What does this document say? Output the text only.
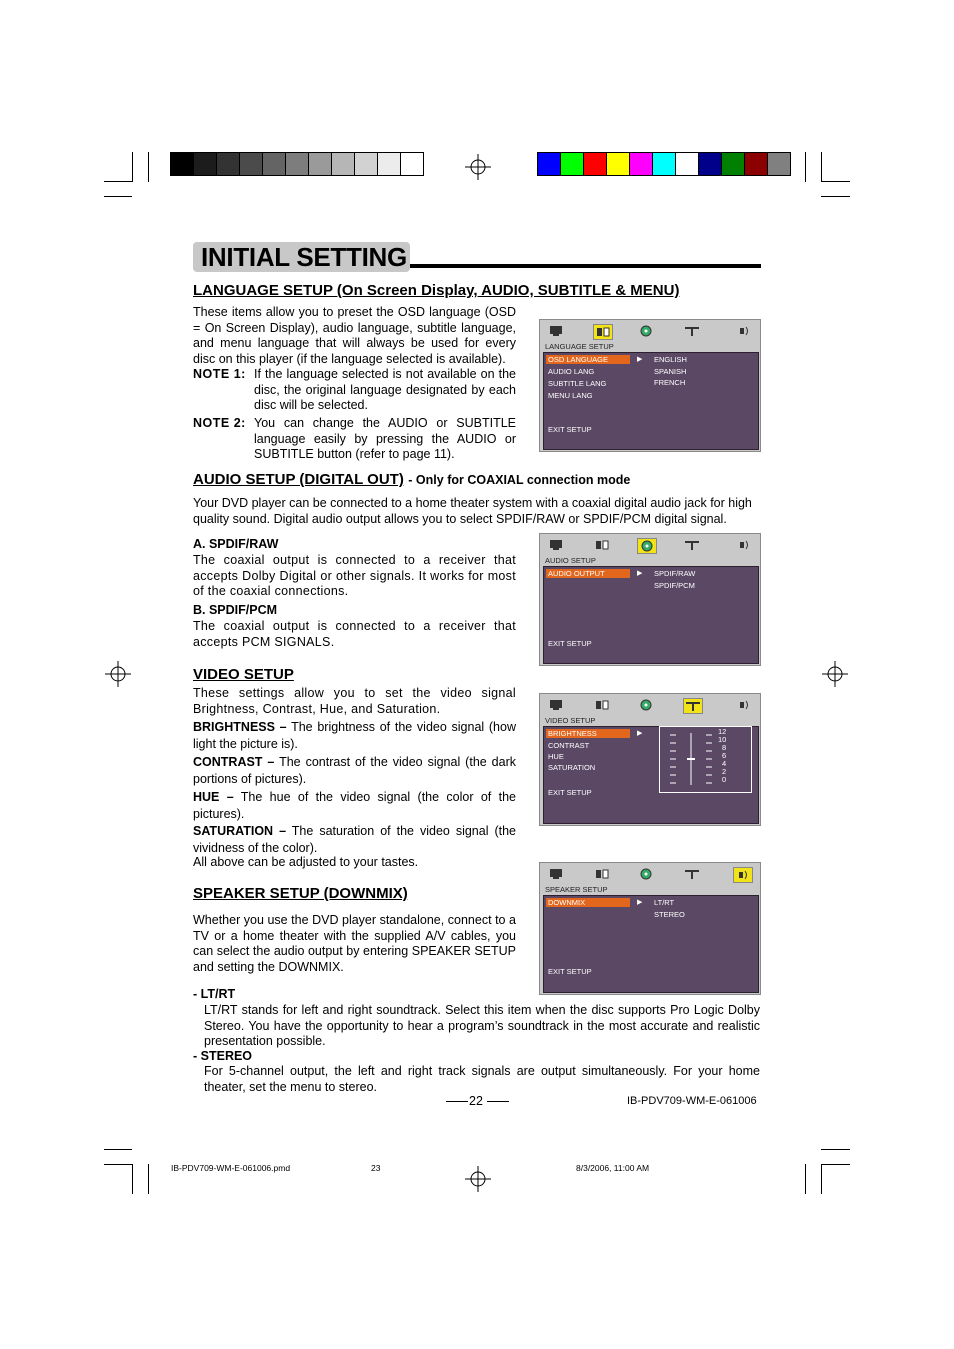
INITIAL SETTING
LANGUAGE SETUP (On Screen Display, AUDIO, SUBTITLE & MENU)

These items allow you to preset the OSD language (OSD = On Screen Display), audio language, subtitle language, and menu language that will always be used for every disc on this player (if the language selected is available).

NOTE 1: If the language selected is not available on the disc, the original language designated by each disc will be selected.

NOTE 2: You can change the AUDIO or SUBTITLE language easily by pressing the AUDIO or SUBTITLE button (refer to page 11).

LANGUAGE SETUP
OSD LANGUAGE	▶
AUDIO LANG
SUBTITLE LANG
MENU LANG
ENGLISH
SPANISH
FRENCH
EXIT SETUP
AUDIO SETUP (DIGITAL OUT) - Only for COAXIAL connection mode

Your DVD player can be connected to a home theater system with a coaxial digital audio jack for high quality sound. Digital audio output allows you to select SPDIF/RAW or SPDIF/PCM digital signal.

A. SPDIF/RAW

The coaxial output is connected to a receiver that accepts Dolby Digital or other signals. It works for most of the coaxial connections.

B. SPDIF/PCM

The coaxial output is connected to a receiver that accepts PCM SIGNALS.

AUDIO SETUP
AUDIO OUTPUT	▶ SPDIF/RAW
SPDIF/PCM
EXIT SETUP
VIDEO SETUP

These settings allow you to set the video signal Brightness, Contrast, Hue, and Saturation.

BRIGHTNESS – The brightness of the video signal (how light the picture is).

CONTRAST – The contrast of the video signal (the dark portions of pictures).

HUE – The hue of the video signal (the color of the pictures).

SATURATION – The saturation of the video signal (the vividness of the color).

All above can be adjusted to your tastes.

VIDEO SETUP
BRIGHTNESS	▶
CONTRAST
HUE
SATURATION
EXIT SETUP
12
10
8
6
4
2
0
SPEAKER SETUP (DOWNMIX)

Whether you use the DVD player standalone, connect to a TV or a home theater with the supplied A/V cables, you can select the audio output by entering SPEAKER SETUP and setting the DOWNMIX.

SPEAKER SETUP
DOWNMIX	▶ LT/RT
STEREO
EXIT SETUP
- LT/RT

LT/RT stands for left and right soundtrack. Select this item when the disc supports Pro Logic Dolby Stereo. You have the opportunity to hear a program’s soundtrack in the most accurate and realistic presentation possible.

- STEREO

For 5-channel output, the left and right track signals are output simultaneously. For your home theater, set the menu to stereo.

22	IB-PDV709-WM-E-061006
IB-PDV709-WM-E-061006.pmd	23	8/3/2006, 11:00 AM
